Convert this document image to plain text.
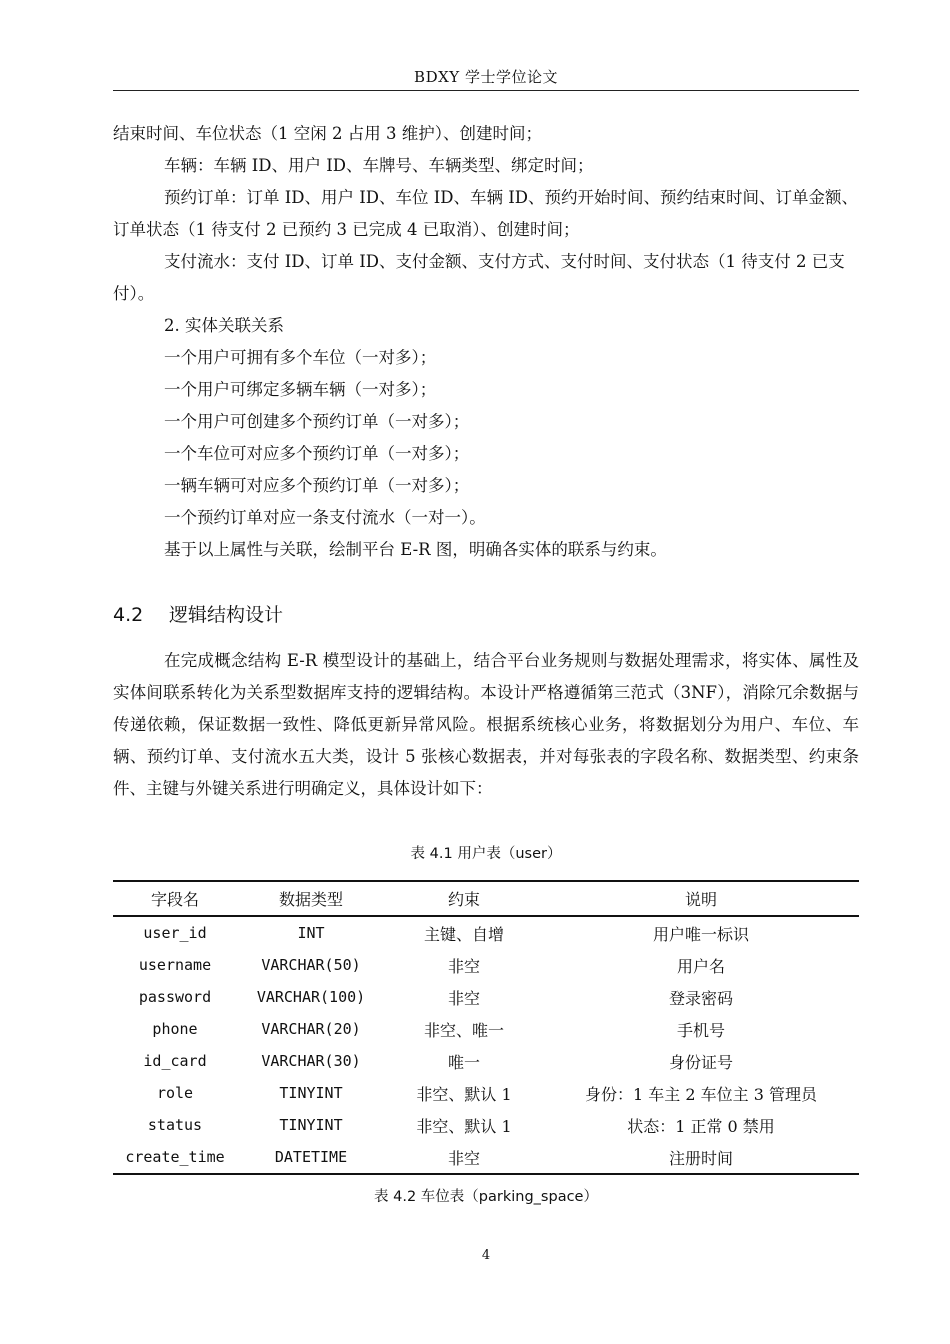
BDXY 学士学位论文

结束时间、车位状态（1 空闲 2 占用 3 维护）、创建时间；

车辆：车辆 ID、用户 ID、车牌号、车辆类型、绑定时间；

预约订单：订单 ID、用户 ID、车位 ID、车辆 ID、预约开始时间、预约结束时间、订单金额、订单状态（1 待支付 2 已预约 3 已完成 4 已取消）、创建时间；

支付流水：支付 ID、订单 ID、支付金额、支付方式、支付时间、支付状态（1 待支付 2 已支付）。

2. 实体关联关系

一个用户可拥有多个车位（一对多）；
一个用户可绑定多辆车辆（一对多）；
一个用户可创建多个预约订单（一对多）；
一个车位可对应多个预约订单（一对多）；
一辆车辆可对应多个预约订单（一对多）；
一个预约订单对应一条支付流水（一对一）。

基于以上属性与关联，绘制平台 E-R 图，明确各实体的联系与约束。

4.2 逻辑结构设计

在完成概念结构 E-R 模型设计的基础上，结合平台业务规则与数据处理需求，将实体、属性及实体间联系转化为关系型数据库支持的逻辑结构。本设计严格遵循第三范式（3NF），消除冗余数据与传递依赖，保证数据一致性、降低更新异常风险。根据系统核心业务，将数据划分为用户、车位、车辆、预约订单、支付流水五大类，设计 5 张核心数据表，并对每张表的字段名称、数据类型、约束条件、主键与外键关系进行明确定义，具体设计如下：

表 4.1 用户表（user）
字段名	数据类型	约束	说明
user_id	INT	主键、自增	用户唯一标识
username	VARCHAR(50)	非空	用户名
password	VARCHAR(100)	非空	登录密码
phone	VARCHAR(20)	非空、唯一	手机号
id_card	VARCHAR(30)	唯一	身份证号
role	TINYINT	非空、默认 1	身份：1 车主 2 车位主 3 管理员
status	TINYINT	非空、默认 1	状态：1 正常 0 禁用
create_time	DATETIME	非空	注册时间
表 4.2 车位表（parking_space）
4
